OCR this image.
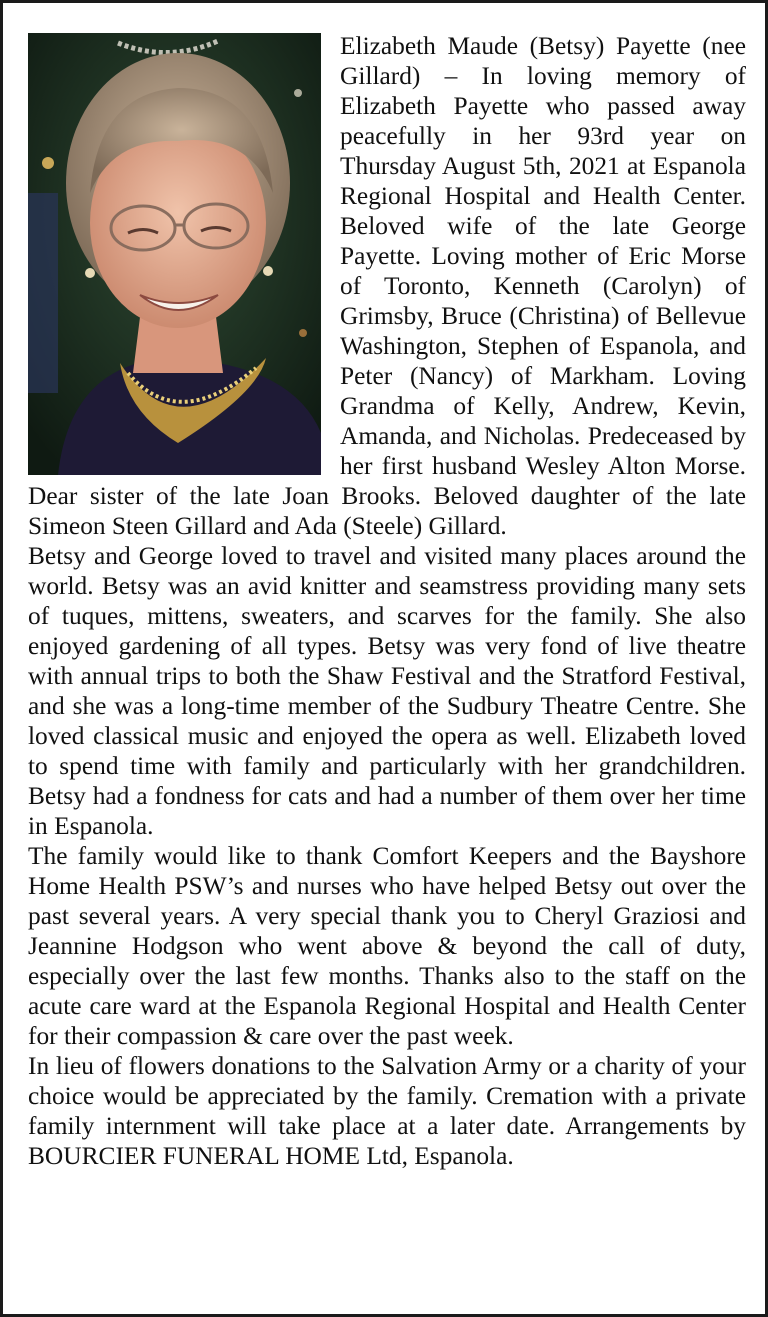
Elizabeth Maude (Betsy) Payette (nee Gillard) – In loving memory of Elizabeth Payette who passed away peacefully in her 93rd year on Thursday August 5th, 2021 at Espanola Regional Hospital and Health Center. Beloved wife of the late George Payette. Loving mother of Eric Morse of Toronto, Kenneth (Carolyn) of Grimsby, Bruce (Christina) of Bellevue Washington, Stephen of Espanola, and Peter (Nancy) of Markham. Loving Grandma of Kelly, Andrew, Kevin, Amanda, and Nicholas. Predeceased by her first husband Wesley Alton Morse. Dear sister of the late Joan Brooks. Beloved daughter of the late Simeon Steen Gillard and Ada (Steele) Gillard.

Betsy and George loved to travel and visited many places around the world. Betsy was an avid knitter and seamstress providing many sets of tuques, mittens, sweaters, and scarves for the family. She also enjoyed gardening of all types. Betsy was very fond of live theatre with annual trips to both the Shaw Festival and the Stratford Festival, and she was a long-time member of the Sudbury Theatre Centre. She loved classical music and enjoyed the opera as well. Elizabeth loved to spend time with family and particularly with her grandchildren. Betsy had a fondness for cats and had a number of them over her time in Espanola.

The family would like to thank Comfort Keepers and the Bayshore Home Health PSW’s and nurses who have helped Betsy out over the past several years. A very special thank you to Cheryl Graziosi and Jeannine Hodgson who went above & beyond the call of duty, especially over the last few months. Thanks also to the staff on the acute care ward at the Espanola Regional Hospital and Health Center for their compassion & care over the past week.

In lieu of flowers donations to the Salvation Army or a charity of your choice would be appreciated by the family. Cremation with a private family internment will take place at a later date. Arrangements by BOURCIER FUNERAL HOME Ltd, Espanola.
